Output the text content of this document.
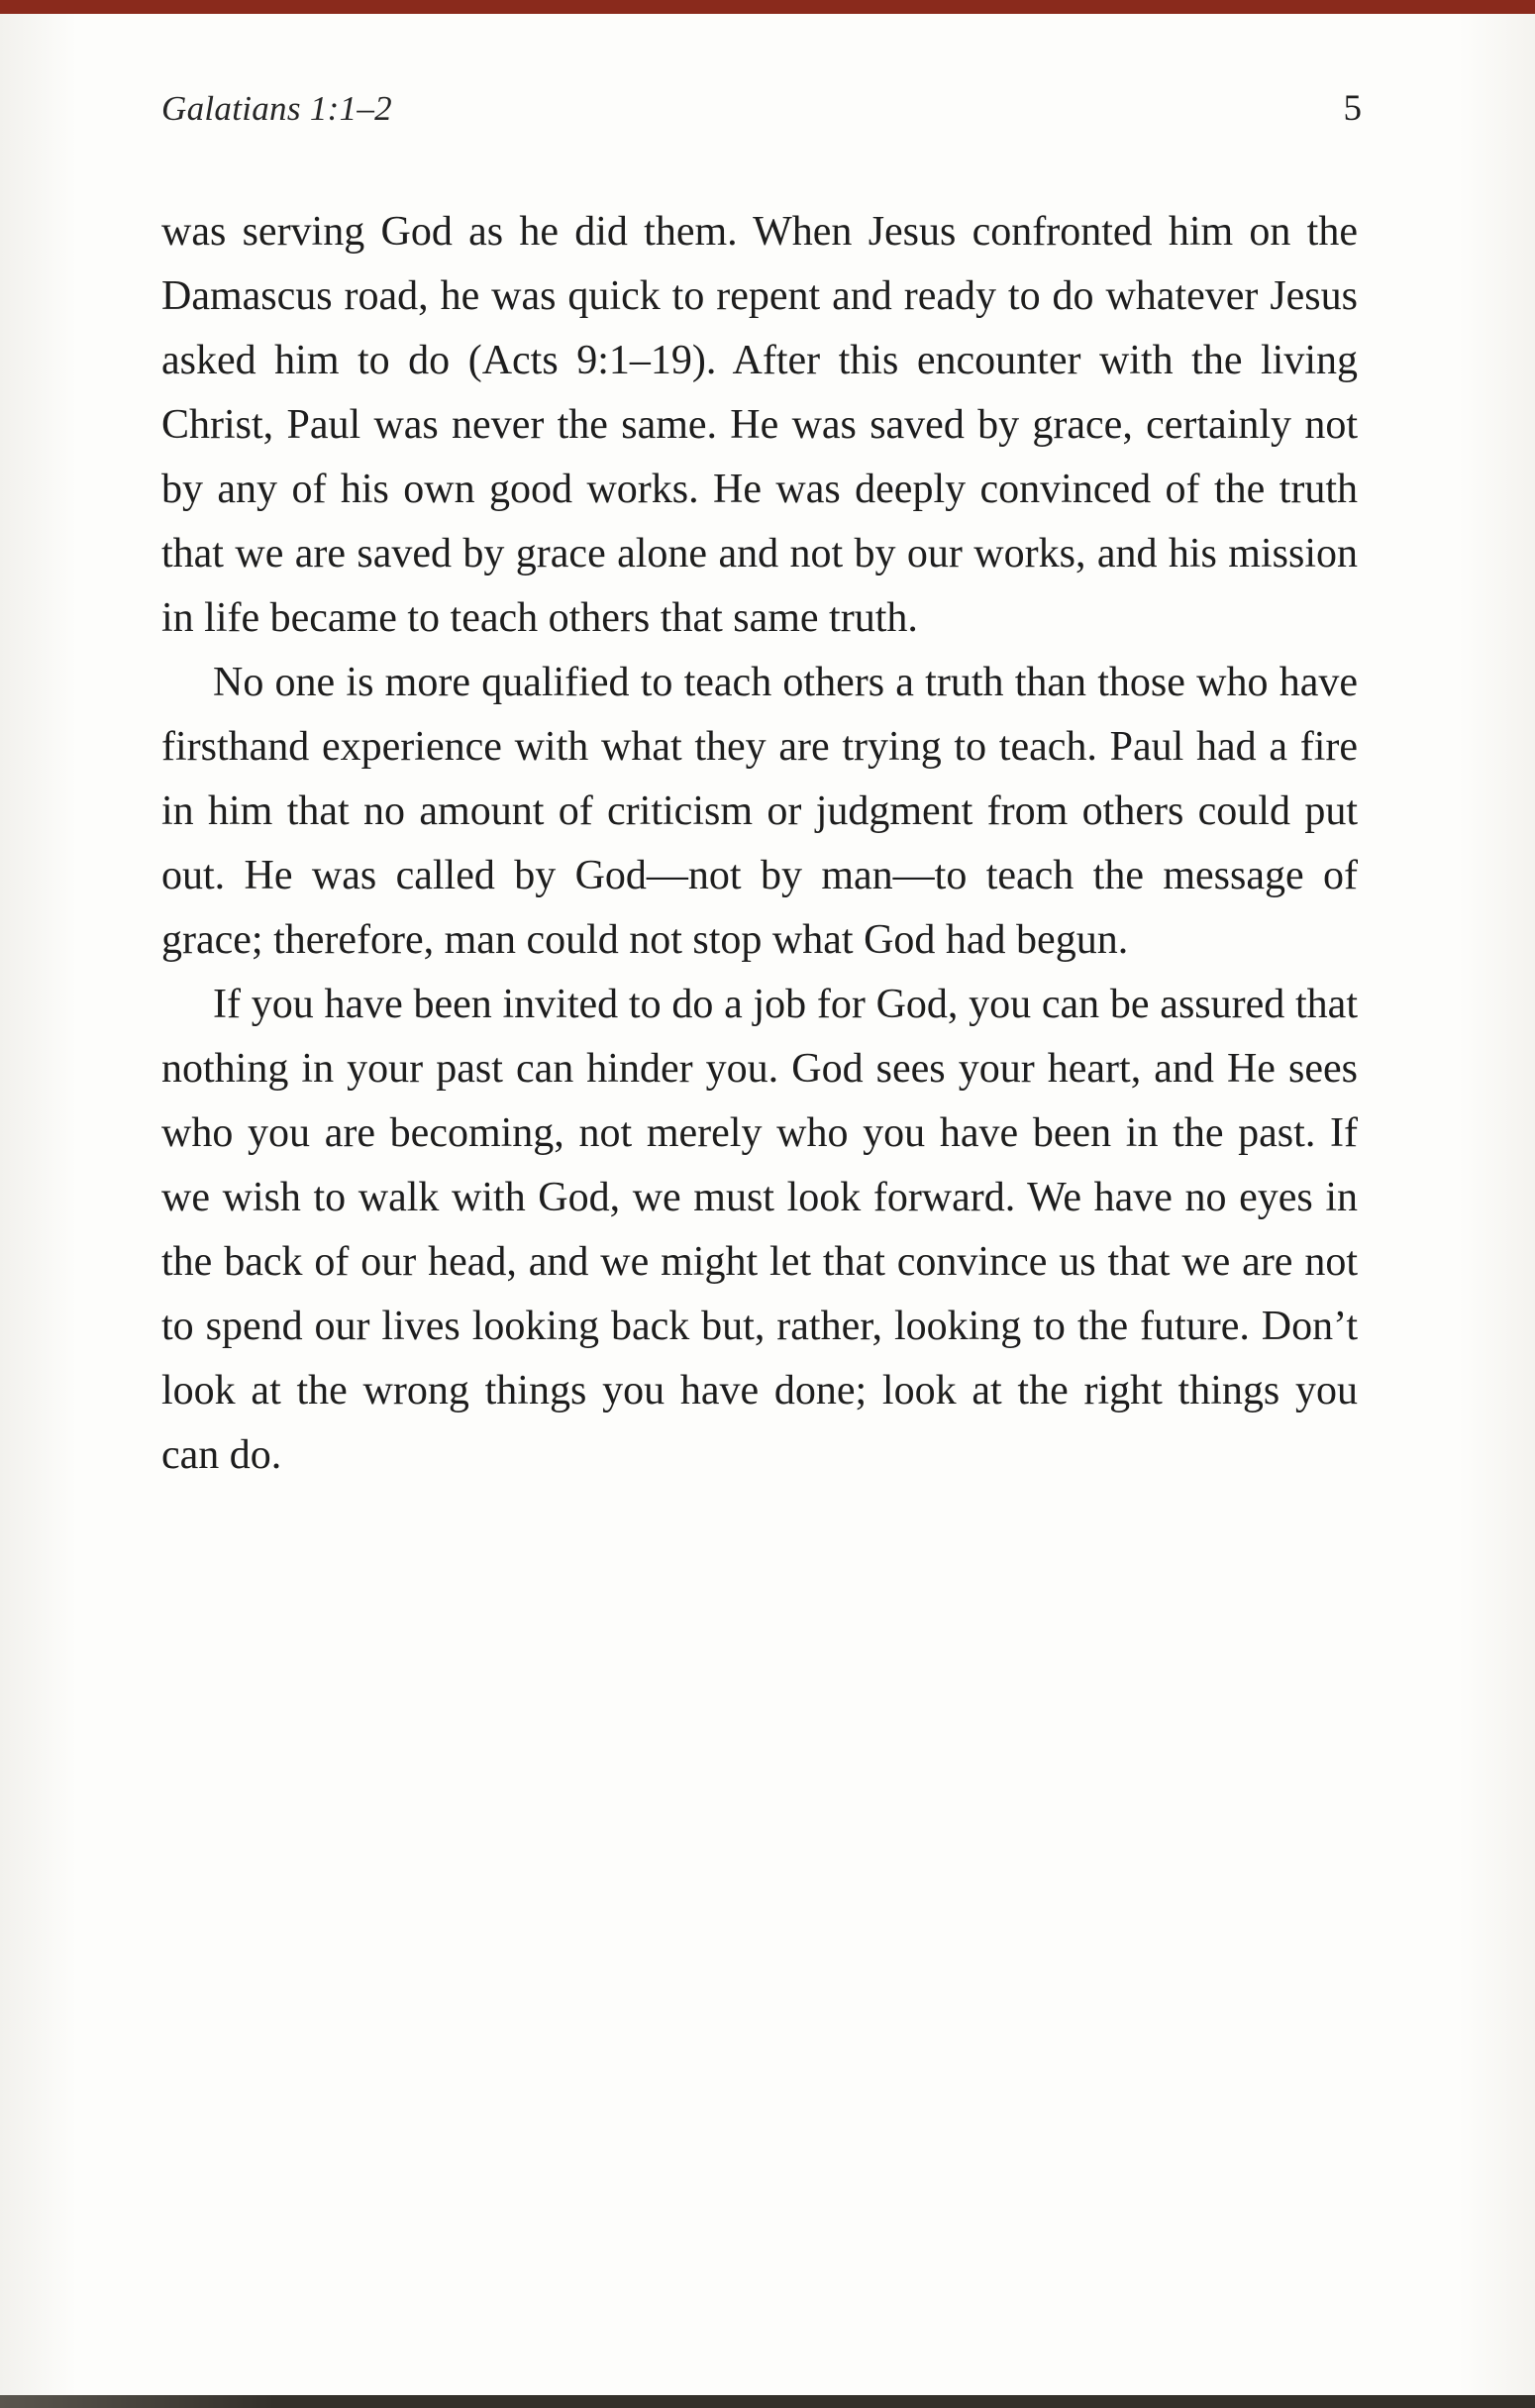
Galatians 1:1–2	5

was serving God as he did them. When Jesus confronted him on the Damascus road, he was quick to repent and ready to do whatever Jesus asked him to do (Acts 9:1–19). After this encounter with the living Christ, Paul was never the same. He was saved by grace, certainly not by any of his own good works. He was deeply convinced of the truth that we are saved by grace alone and not by our works, and his mission in life became to teach others that same truth.

No one is more qualified to teach others a truth than those who have firsthand experience with what they are trying to teach. Paul had a fire in him that no amount of criticism or judgment from others could put out. He was called by God—not by man—to teach the message of grace; therefore, man could not stop what God had begun.

If you have been invited to do a job for God, you can be assured that nothing in your past can hinder you. God sees your heart, and He sees who you are becoming, not merely who you have been in the past. If we wish to walk with God, we must look forward. We have no eyes in the back of our head, and we might let that convince us that we are not to spend our lives looking back but, rather, looking to the future. Don’t look at the wrong things you have done; look at the right things you can do.
